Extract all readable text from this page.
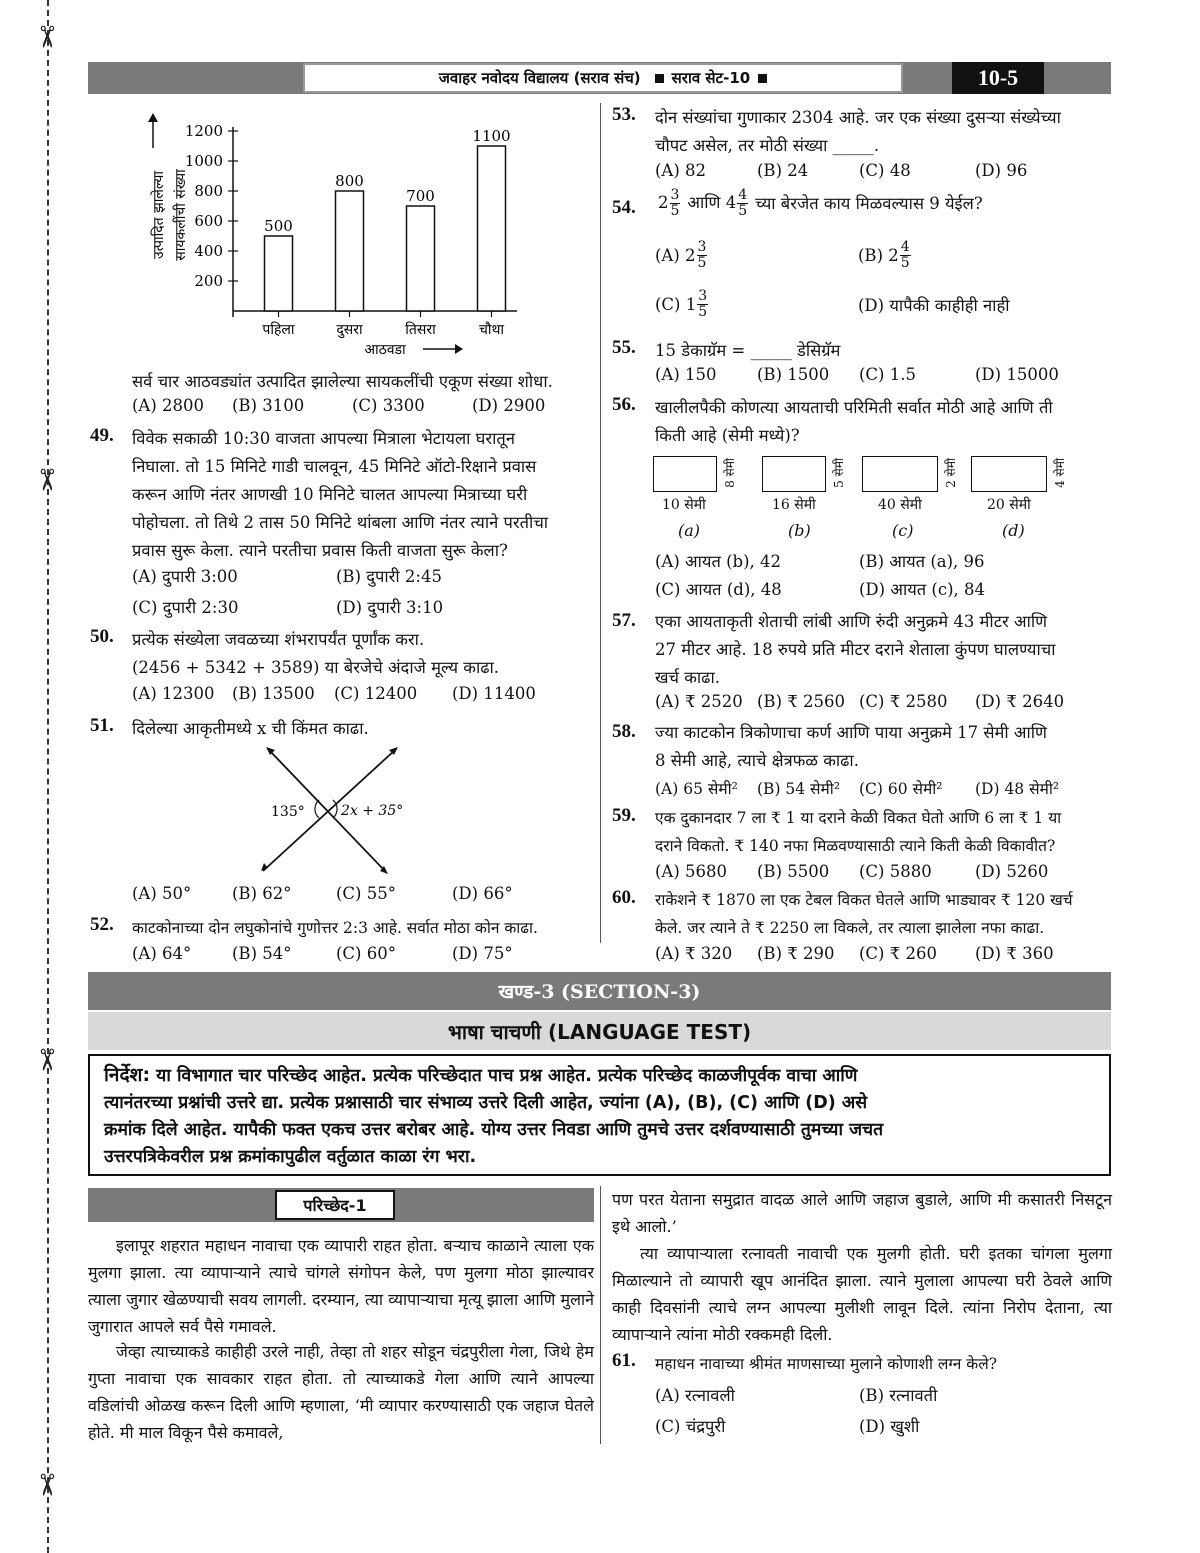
✂
✂
✂
✂
जवाहर नवोदय विद्यालय (सराव संच) सराव सेट-10	10-5
200
400
600
800
1000
1200
500
पहिला
800
दुसरा
700
तिसरा
1100
चौथा
उत्पादित झालेल्या सायकलींची संख्या
आठवडा
सर्व चार आठवड्यांत उत्पादित झालेल्या सायकलींची एकूण संख्या शोधा.
(A) 2800	(B) 3100	(C) 3300	(D) 2900
49. विवेक सकाळी 10:30 वाजता आपल्या मित्राला भेटायला घरातून
निघाला. तो 15 मिनिटे गाडी चालवून, 45 मिनिटे ऑटो-रिक्षाने प्रवास
करून आणि नंतर आणखी 10 मिनिटे चालत आपल्या मित्राच्या घरी
पोहोचला. तो तिथे 2 तास 50 मिनिटे थांबला आणि नंतर त्याने परतीचा
प्रवास सुरू केला. त्याने परतीचा प्रवास किती वाजता सुरू केला?
(A) दुपारी 3:00	(B) दुपारी 2:45
(C) दुपारी 2:30	(D) दुपारी 3:10
50. प्रत्येक संख्येला जवळच्या शंभरापर्यंत पूर्णांक करा.
(2456 + 5342 + 3589) या बेरजेचे अंदाजे मूल्य काढा.
(A) 12300	(B) 13500	(C) 12400	(D) 11400
51. दिलेल्या आकृतीमध्ये x ची किंमत काढा.
135°	2x + 35°
(A) 50°	(B) 62°	(C) 55°	(D) 66°
52. काटकोनाच्या दोन लघुकोनांचे गुणोत्तर 2:3 आहे. सर्वात मोठा कोन काढा.
(A) 64°	(B) 54°	(C) 60°	(D) 75°
53. दोन संख्यांचा गुणाकार 2304 आहे. जर एक संख्या दुसऱ्या संख्येच्या
चौपट असेल, तर मोठी संख्या _____.
(A) 82	(B) 24	(C) 48	(D) 96
54. $2 \frac{3}{5}$ आणि $4 \frac{4}{5}$ च्या बेरजेत काय मिळवल्यास 9 येईल?
(A) $2 \frac{3}{5}$	(B) $2 \frac{4}{5}$
(C) $1 \frac{3}{5}$	(D) यापैकी काहीही नाही
55. 15 डेकाग्रॅम = _____ डेसिग्रॅम
(A) 150	(B) 1500	(C) 1.5	(D) 15000
56. खालीलपैकी कोणत्या आयताची परिमिती सर्वात मोठी आहे आणि ती
किती आहे (सेमी मध्ये)?
8 सेमी	5 सेमी	2 सेमी	4 सेमी
10 सेमी	16 सेमी	40 सेमी	20 सेमी
(a)	(b)	(c)	(d)
(A) आयत (b), 42	(B) आयत (a), 96
(C) आयत (d), 48	(D) आयत (c), 84
57. एका आयताकृती शेताची लांबी आणि रुंदी अनुक्रमे 43 मीटर आणि
27 मीटर आहे. 18 रुपये प्रति मीटर दराने शेताला कुंपण घालण्याचा
खर्च काढा.
(A) ₹ 2520 (B) ₹ 2560 (C) ₹ 2580	(D) ₹ 2640
58. ज्या काटकोन त्रिकोणाचा कर्ण आणि पाया अनुक्रमे 17 सेमी आणि
8 सेमी आहे, त्याचे क्षेत्रफळ काढा.
(A) 65 सेमी²	(B) 54 सेमी²	(C) 60 सेमी²	(D) 48 सेमी²
59. एक दुकानदार 7 ला ₹ 1 या दराने केळी विकत घेतो आणि 6 ला ₹ 1 या
दराने विकतो. ₹ 140 नफा मिळवण्यासाठी त्याने किती केळी विकावीत?
(A) 5680	(B) 5500	(C) 5880	(D) 5260
60. राकेशने ₹ 1870 ला एक टेबल विकत घेतले आणि भाड्यावर ₹ 120 खर्च
केले. जर त्याने ते ₹ 2250 ला विकले, तर त्याला झालेला नफा काढा.
(A) ₹ 320	(B) ₹ 290	(C) ₹ 260	(D) ₹ 360
खण्ड-3 (SECTION-3)
भाषा चाचणी (LANGUAGE TEST)
निर्देश: या विभागात चार परिच्छेद आहेत. प्रत्येक परिच्छेदात पाच प्रश्न आहेत. प्रत्येक परिच्छेद काळजीपूर्वक वाचा आणि
त्यानंतरच्या प्रश्नांची उत्तरे द्या. प्रत्येक प्रश्नासाठी चार संभाव्य उत्तरे दिली आहेत, ज्यांना (A), (B), (C) आणि (D) असे
क्रमांक दिले आहेत. यापैकी फक्त एकच उत्तर बरोबर आहे. योग्य उत्तर निवडा आणि तुमचे उत्तर दर्शवण्यासाठी तुमच्या जचत
उत्तरपत्रिकेवरील प्रश्न क्रमांकापुढील वर्तुळात काळा रंग भरा.
परिच्छेद-1
इलापूर शहरात महाधन नावाचा एक व्यापारी राहत होता. बऱ्याच काळाने त्याला एक मुलगा झाला. त्या व्यापाऱ्याने त्याचे चांगले संगोपन केले, पण मुलगा मोठा झाल्यावर त्याला जुगार खेळण्याची सवय लागली. दरम्यान, त्या व्यापाऱ्याचा मृत्यू झाला आणि मुलाने जुगारात आपले सर्व पैसे गमावले.
जेव्हा त्याच्याकडे काहीही उरले नाही, तेव्हा तो शहर सोडून चंद्रपुरीला गेला, जिथे हेम गुप्ता नावाचा एक सावकार राहत होता. तो त्याच्याकडे गेला आणि त्याने आपल्या वडिलांची ओळख करून दिली आणि म्हणाला, ‘मी व्यापार करण्यासाठी एक जहाज घेतले होते. मी माल विकून पैसे कमावले,
पण परत येताना समुद्रात वादळ आले आणि जहाज बुडाले, आणि मी कसातरी निसटून इथे आलो.’
त्या व्यापाऱ्याला रत्नावती नावाची एक मुलगी होती. घरी इतका चांगला मुलगा मिळाल्याने तो व्यापारी खूप आनंदित झाला. त्याने मुलाला आपल्या घरी ठेवले आणि काही दिवसांनी त्याचे लग्न आपल्या मुलीशी लावून दिले. त्यांना निरोप देताना, त्या व्यापाऱ्याने त्यांना मोठी रक्कमही दिली.
61. महाधन नावाच्या श्रीमंत माणसाच्या मुलाने कोणाशी लग्न केले?
(A) रत्नावली	(B) रत्नावती
(C) चंद्रपुरी	(D) खुशी
